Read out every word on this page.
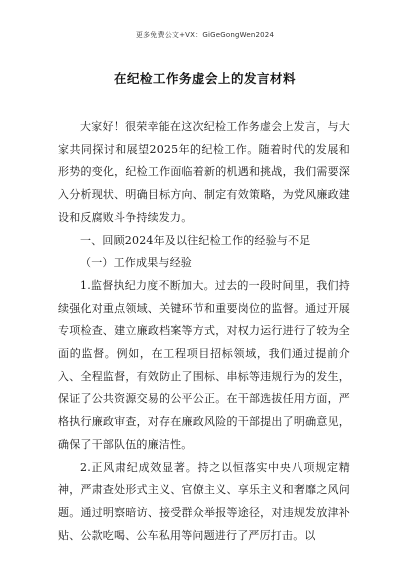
更多免费公文+VX：GiGeGongWen2024
在纪检工作务虚会上的发言材料

大家好！很荣幸能在这次纪检工作务虚会上发言，与大家共同探讨和展望2025年的纪检工作。随着时代的发展和形势的变化，纪检工作面临着新的机遇和挑战，我们需要深入分析现状、明确目标方向、制定有效策略，为党风廉政建设和反腐败斗争持续发力。

一、回顾2024年及以往纪检工作的经验与不足

（一）工作成果与经验

1.监督执纪力度不断加大。过去的一段时间里，我们持续强化对重点领域、关键环节和重要岗位的监督。通过开展专项检查、建立廉政档案等方式，对权力运行进行了较为全面的监督。例如，在工程项目招标领域，我们通过提前介入、全程监督，有效防止了围标、串标等违规行为的发生，保证了公共资源交易的公平公正。在干部选拔任用方面，严格执行廉政审查，对存在廉政风险的干部提出了明确意见，确保了干部队伍的廉洁性。

2.正风肃纪成效显著。持之以恒落实中央八项规定精神，严肃查处形式主义、官僚主义、享乐主义和奢靡之风问题。通过明察暗访、接受群众举报等途径，对违规发放津补贴、公款吃喝、公车私用等问题进行了严厉打击。以
